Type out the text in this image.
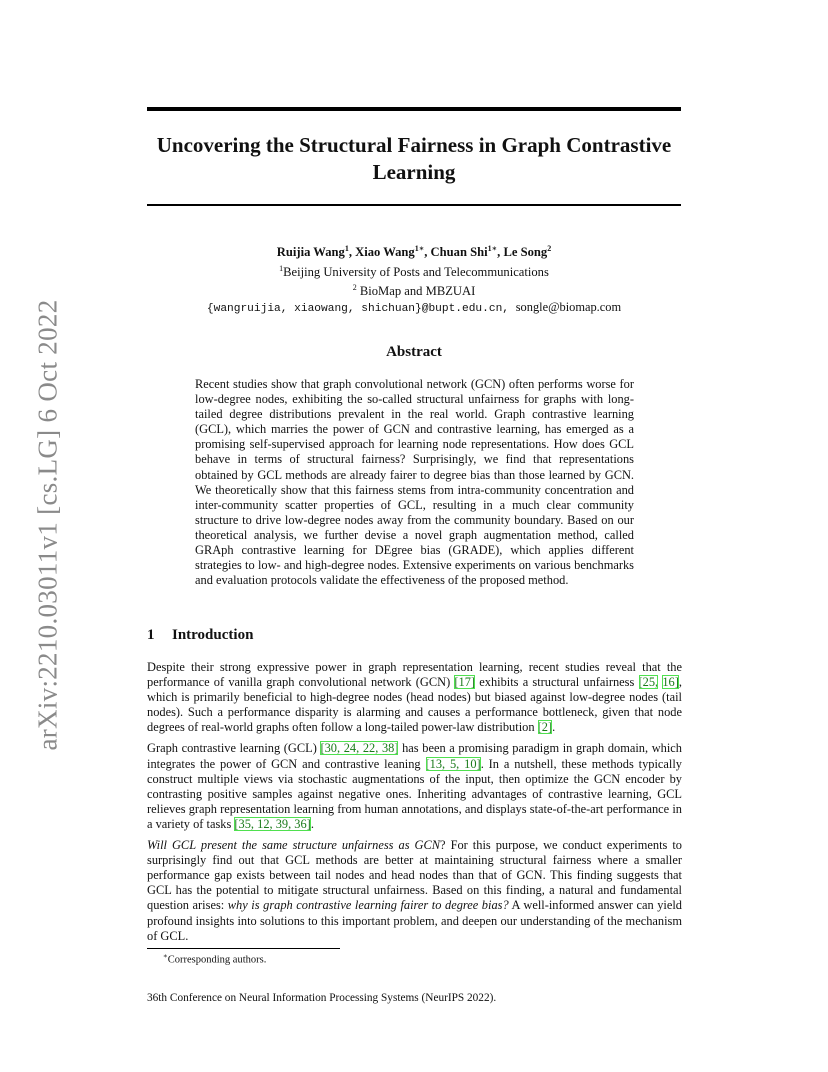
arXiv:2210.03011v1 [cs.LG] 6 Oct 2022
Uncovering the Structural Fairness in Graph Contrastive Learning
Ruijia Wang$^1$, Xiao Wang$^{1∗}$, Chuan Shi$^{1∗}$, Le Song$^2$
$^1$Beijing University of Posts and Telecommunications
$^2$ BioMap and MBZUAI
{wangruijia, xiaowang, shichuan}@bupt.edu.cn, songle@biomap.com
Abstract

Recent studies show that graph convolutional network (GCN) often performs worse for low-degree nodes, exhibiting the so-called structural unfairness for graphs with long-tailed degree distributions prevalent in the real world. Graph contrastive learning (GCL), which marries the power of GCN and contrastive learning, has emerged as a promising self-supervised approach for learning node representations. How does GCL behave in terms of structural fairness? Surprisingly, we find that representations obtained by GCL methods are already fairer to degree bias than those learned by GCN. We theoretically show that this fairness stems from intra-community concentration and inter-community scatter properties of GCL, resulting in a much clear community structure to drive low-degree nodes away from the community boundary. Based on our theoretical analysis, we further devise a novel graph augmentation method, called GRAph contrastive learning for DEgree bias (GRADE), which applies different strategies to low- and high-degree nodes. Extensive experiments on various benchmarks and evaluation protocols validate the effectiveness of the proposed method.

1 Introduction

Despite their strong expressive power in graph representation learning, recent studies reveal that the performance of vanilla graph convolutional network (GCN) [17] exhibits a structural unfairness [25, 16], which is primarily beneficial to high-degree nodes (head nodes) but biased against low-degree nodes (tail nodes). Such a performance disparity is alarming and causes a performance bottleneck, given that node degrees of real-world graphs often follow a long-tailed power-law distribution [2].

Graph contrastive learning (GCL) [30, 24, 22, 38] has been a promising paradigm in graph domain, which integrates the power of GCN and contrastive leaning [13, 5, 10]. In a nutshell, these methods typically construct multiple views via stochastic augmentations of the input, then optimize the GCN encoder by contrasting positive samples against negative ones. Inheriting advantages of contrastive learning, GCL relieves graph representation learning from human annotations, and displays state-of-the-art performance in a variety of tasks [35, 12, 39, 36].

Will GCL present the same structure unfairness as GCN? For this purpose, we conduct experiments to surprisingly find out that GCL methods are better at maintaining structural fairness where a smaller performance gap exists between tail nodes and head nodes than that of GCN. This finding suggests that GCL has the potential to mitigate structural unfairness. Based on this finding, a natural and fundamental question arises: why is graph contrastive learning fairer to degree bias? A well-informed answer can yield profound insights into solutions to this important problem, and deepen our understanding of the mechanism of GCL.

∗Corresponding authors.
36th Conference on Neural Information Processing Systems (NeurIPS 2022).
